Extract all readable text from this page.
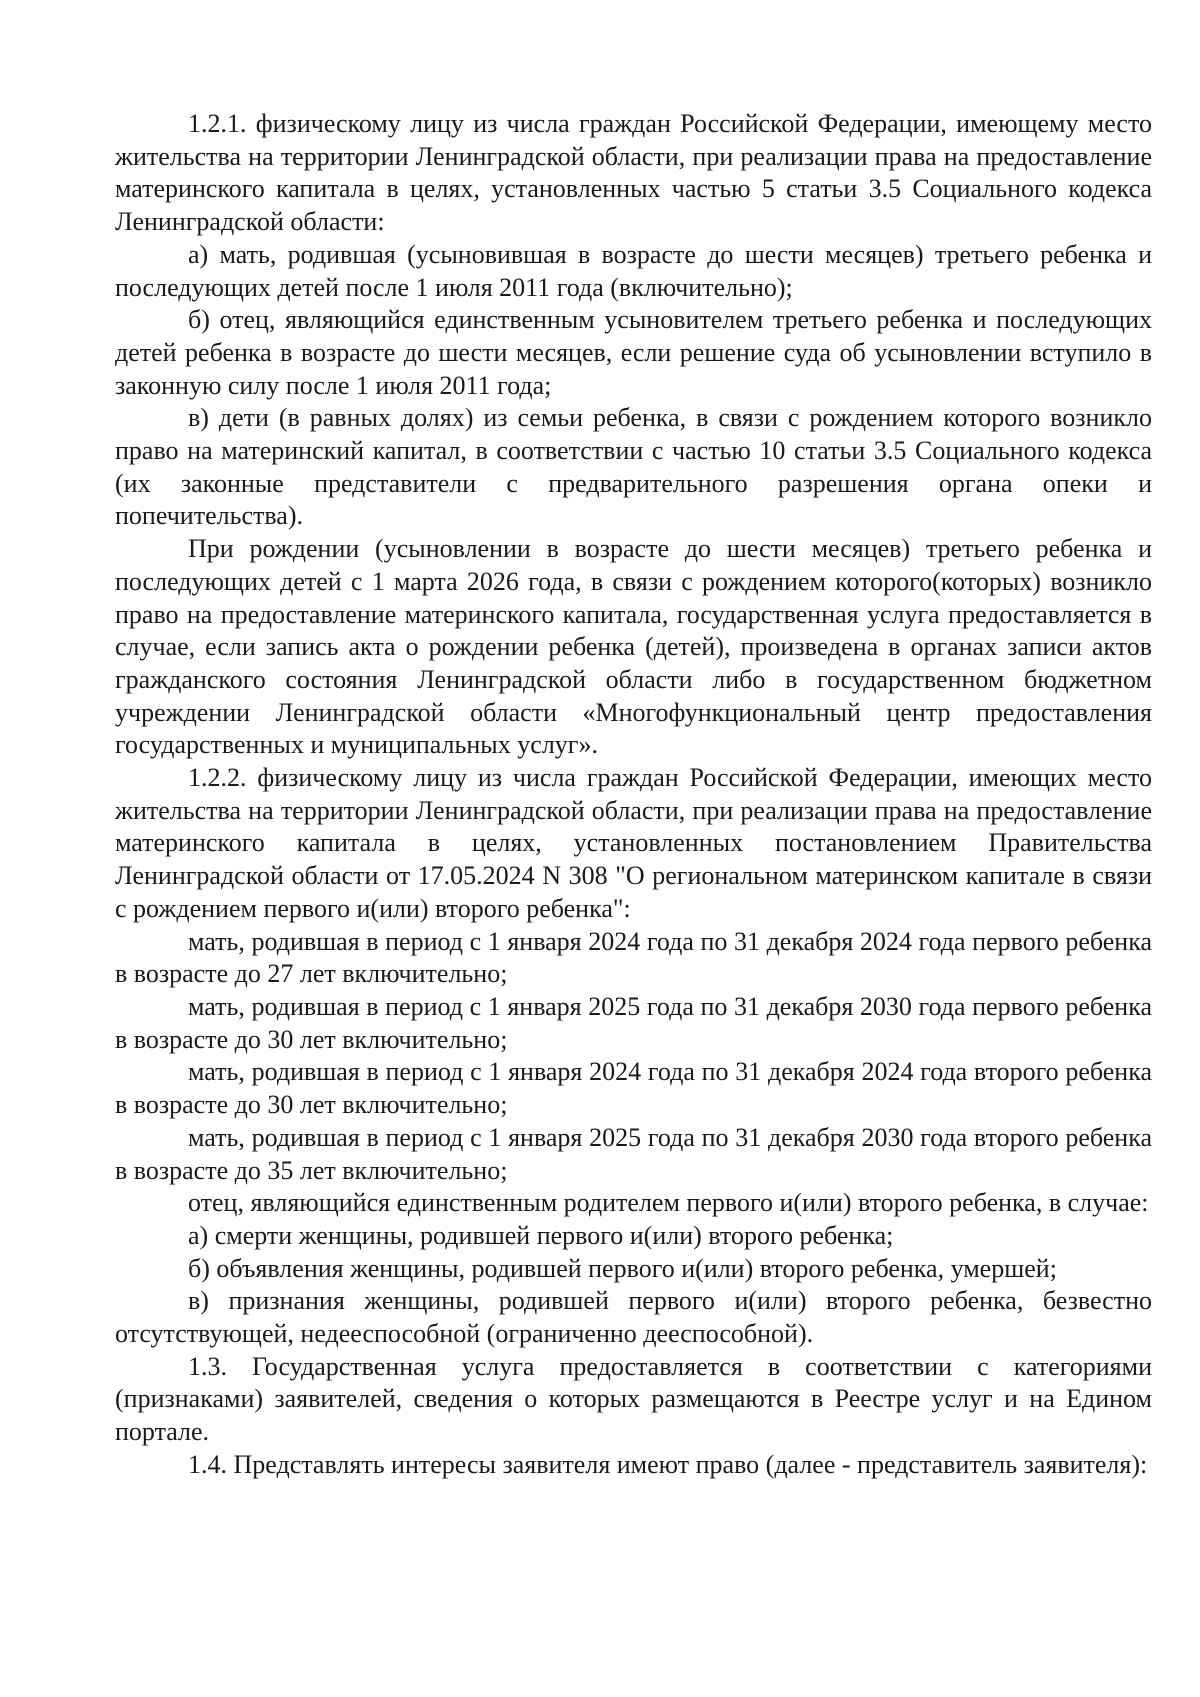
1.2.1. физическому лицу из числа граждан Российской Федерации, имеющему место жительства на территории Ленинградской области, при реализации права на предоставление материнского капитала в целях, установленных частью 5 статьи 3.5 Социального кодекса Ленинградской области:

а) мать, родившая (усыновившая в возрасте до шести месяцев) третьего ребенка и последующих детей после 1 июля 2011 года (включительно);

б) отец, являющийся единственным усыновителем третьего ребенка и последующих детей ребенка в возрасте до шести месяцев, если решение суда об усыновлении вступило в законную силу после 1 июля 2011 года;

в) дети (в равных долях) из семьи ребенка, в связи с рождением которого возникло право на материнский капитал, в соответствии с частью 10 статьи 3.5 Социального кодекса (их законные представители с предварительного разрешения органа опеки и попечительства).

При рождении (усыновлении в возрасте до шести месяцев) третьего ребенка и последующих детей с 1 марта 2026 года, в связи с рождением которого(которых) возникло право на предоставление материнского капитала, государственная услуга предоставляется в случае, если запись акта о рождении ребенка (детей), произведена в органах записи актов гражданского состояния Ленинградской области либо в государственном бюджетном учреждении Ленинградской области «Многофункциональный центр предоставления государственных и муниципальных услуг».

1.2.2. физическому лицу из числа граждан Российской Федерации, имеющих место жительства на территории Ленинградской области, при реализации права на предоставление материнского капитала в целях, установленных постановлением Правительства Ленинградской области от 17.05.2024 N 308 "О региональном материнском капитале в связи с рождением первого и(или) второго ребенка":

мать, родившая в период с 1 января 2024 года по 31 декабря 2024 года первого ребенка в возрасте до 27 лет включительно;

мать, родившая в период с 1 января 2025 года по 31 декабря 2030 года первого ребенка в возрасте до 30 лет включительно;

мать, родившая в период с 1 января 2024 года по 31 декабря 2024 года второго ребенка в возрасте до 30 лет включительно;

мать, родившая в период с 1 января 2025 года по 31 декабря 2030 года второго ребенка в возрасте до 35 лет включительно;

отец, являющийся единственным родителем первого и(или) второго ребенка, в случае:

а) смерти женщины, родившей первого и(или) второго ребенка;

б) объявления женщины, родившей первого и(или) второго ребенка, умершей;

в) признания женщины, родившей первого и(или) второго ребенка, безвестно отсутствующей, недееспособной (ограниченно дееспособной).

1.3. Государственная услуга предоставляется в соответствии с категориями (признаками) заявителей, сведения о которых размещаются в Реестре услуг и на Едином портале.

1.4. Представлять интересы заявителя имеют право (далее - представитель заявителя):
